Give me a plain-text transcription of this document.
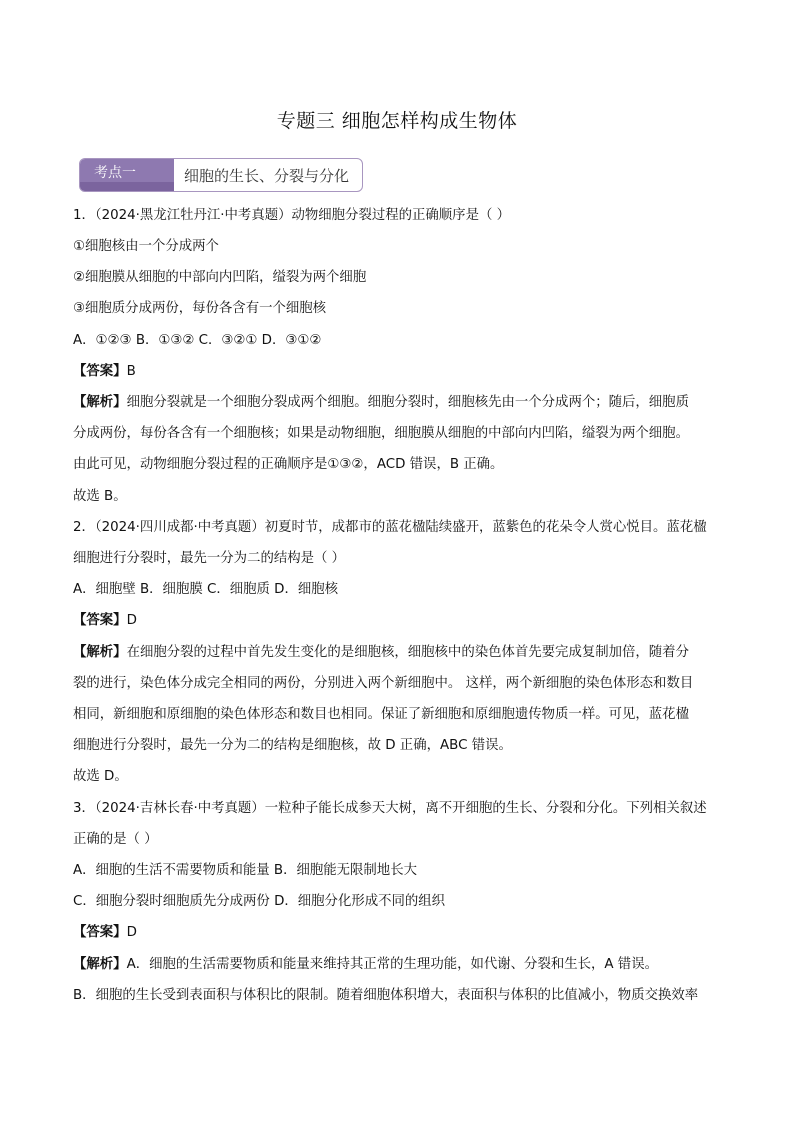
专题三 细胞怎样构成生物体
考点一	细胞的生长、分裂与分化
1．（2024·黑龙江牡丹江·中考真题）动物细胞分裂过程的正确顺序是（ ）
①细胞核由一个分成两个
②细胞膜从细胞的中部向内凹陷，缢裂为两个细胞
③细胞质分成两份，每份各含有一个细胞核
A．①②③ B．①③② C．③②① D．③①②
【答案】B
【解析】细胞分裂就是一个细胞分裂成两个细胞。细胞分裂时，细胞核先由一个分成两个；随后，细胞质
分成两份，每份各含有一个细胞核；如果是动物细胞，细胞膜从细胞的中部向内凹陷，缢裂为两个细胞。
由此可见，动物细胞分裂过程的正确顺序是①③②，ACD 错误，B 正确。
故选 B。
2．（2024·四川成都·中考真题）初夏时节，成都市的蓝花楹陆续盛开，蓝紫色的花朵令人赏心悦目。蓝花楹
细胞进行分裂时，最先一分为二的结构是（ ）
A．细胞壁 B．细胞膜 C．细胞质 D．细胞核
【答案】D
【解析】在细胞分裂的过程中首先发生变化的是细胞核，细胞核中的染色体首先要完成复制加倍，随着分
裂的进行，染色体分成完全相同的两份，分别进入两个新细胞中。 这样，两个新细胞的染色体形态和数目
相同，新细胞和原细胞的染色体形态和数目也相同。保证了新细胞和原细胞遗传物质一样。可见，蓝花楹
细胞进行分裂时，最先一分为二的结构是细胞核，故 D 正确，ABC 错误。
故选 D。
3．（2024·吉林长春·中考真题）一粒种子能长成参天大树，离不开细胞的生长、分裂和分化。下列相关叙述
正确的是（ ）
A．细胞的生活不需要物质和能量 B．细胞能无限制地长大
C．细胞分裂时细胞质先分成两份 D．细胞分化形成不同的组织
【答案】D
【解析】A．细胞的生活需要物质和能量来维持其正常的生理功能，如代谢、分裂和生长，A 错误。
B．细胞的生长受到表面积与体积比的限制。随着细胞体积增大，表面积与体积的比值减小，物质交换效率
